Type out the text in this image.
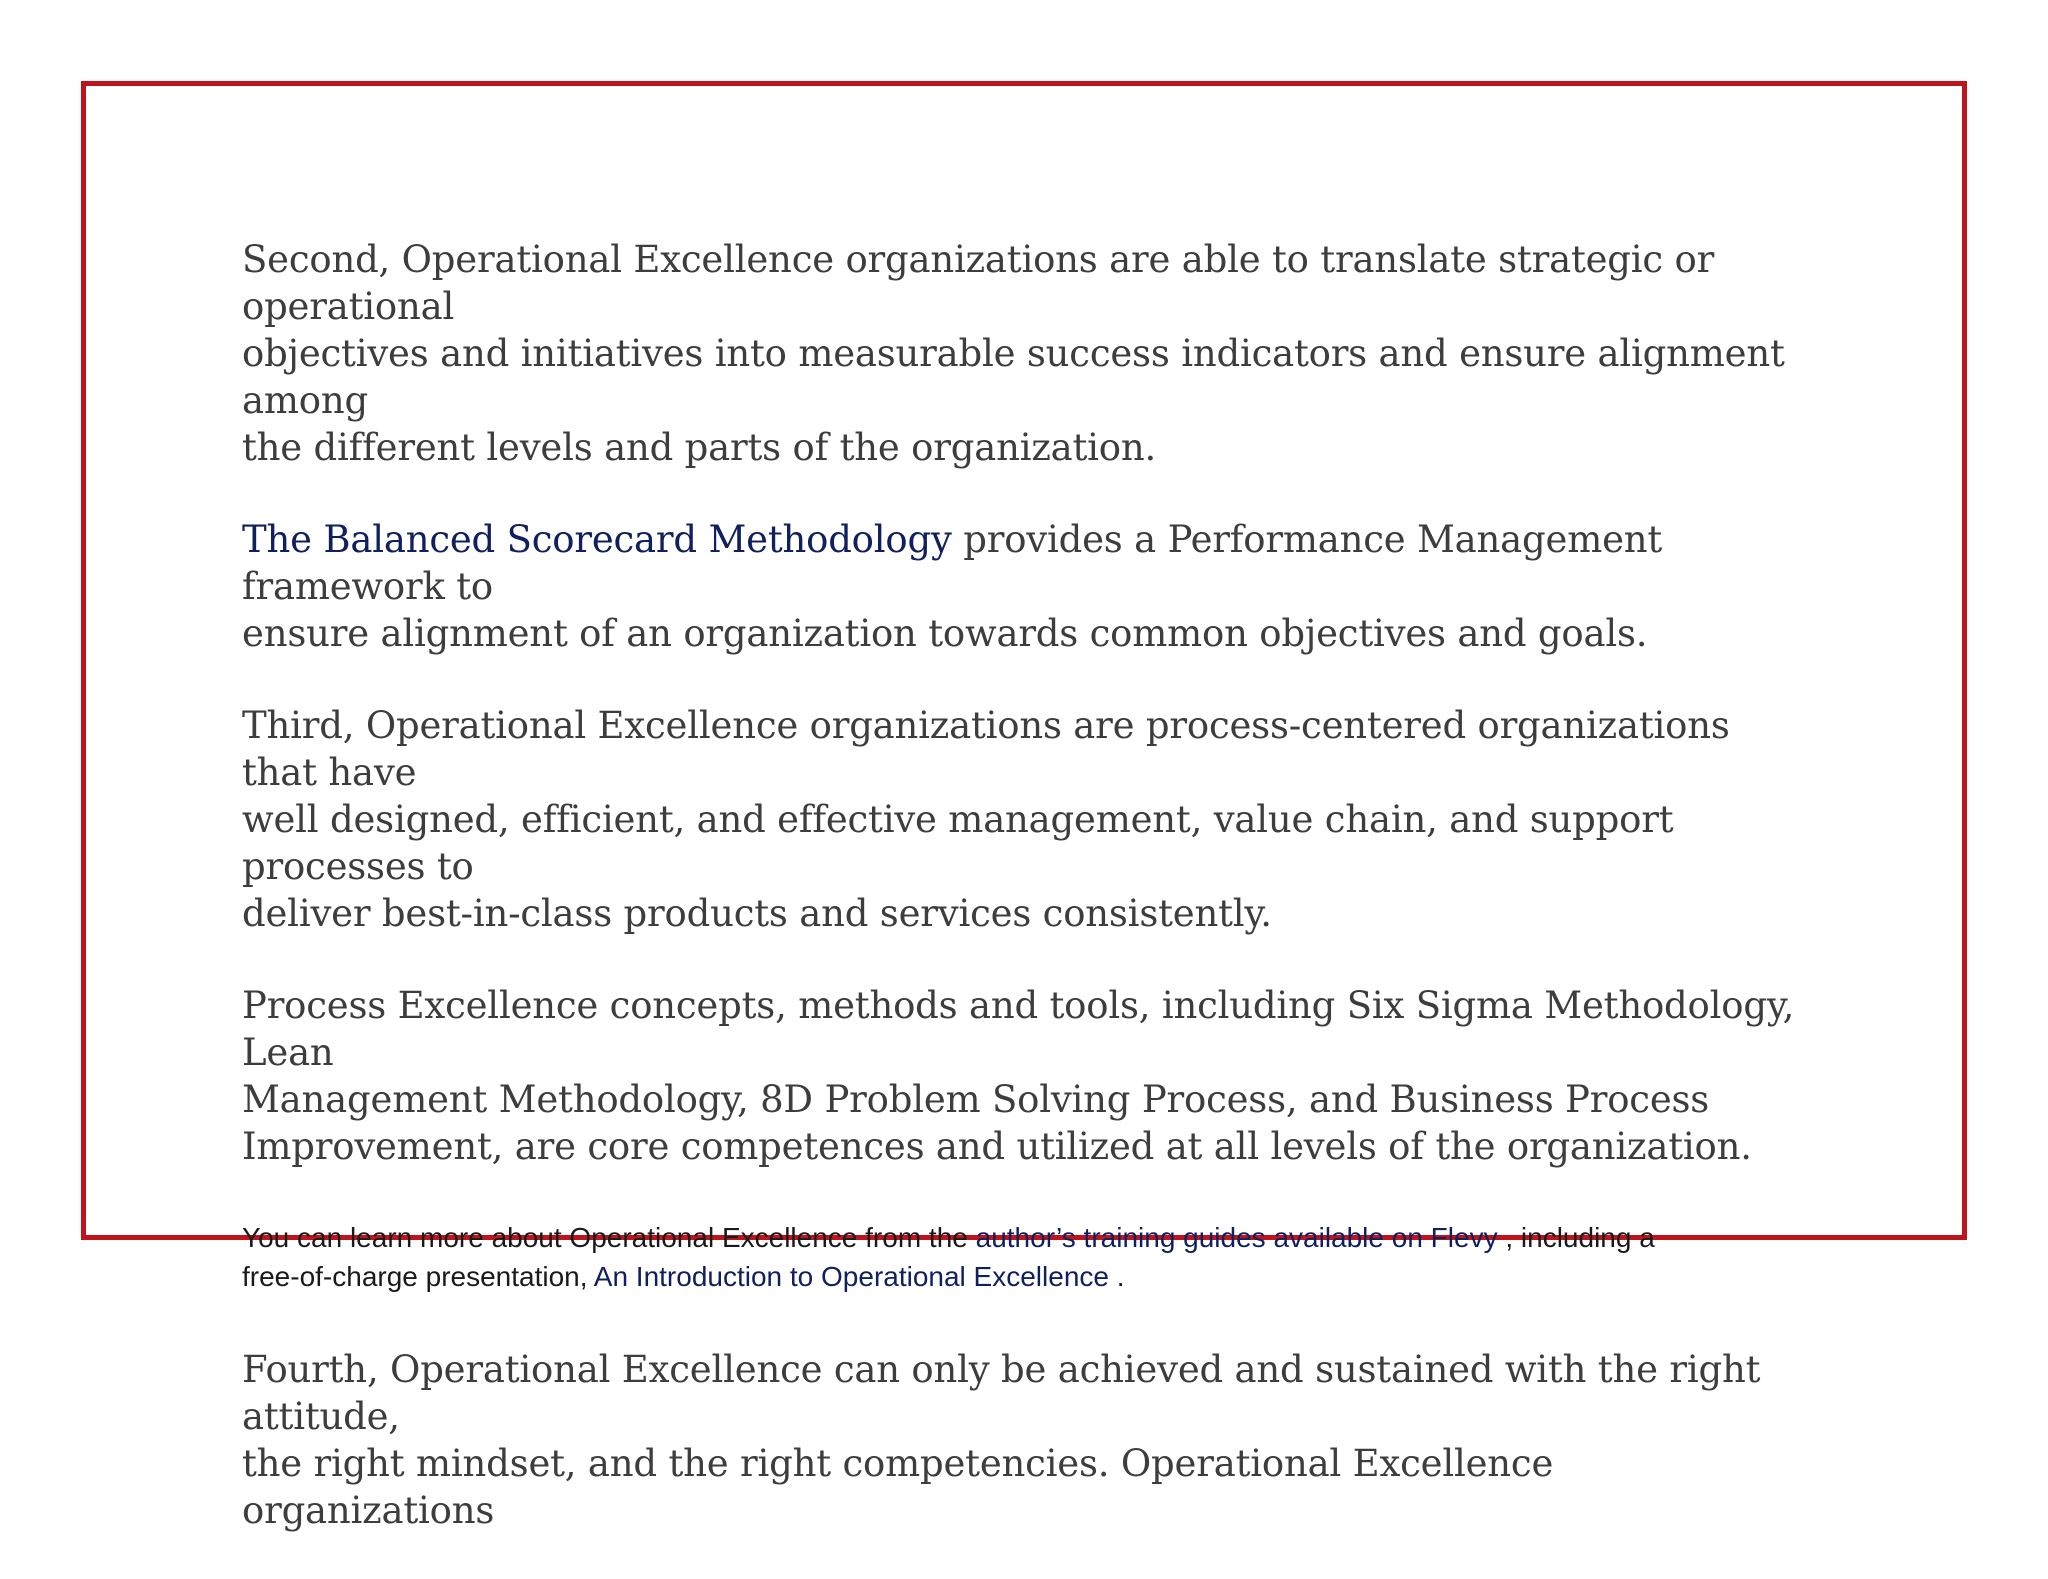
Second, Operational Excellence organizations are able to translate strategic or operational
objectives and initiatives into measurable success indicators and ensure alignment among
the different levels and parts of the organization.

The Balanced Scorecard Methodology provides a Performance Management framework to
ensure alignment of an organization towards common objectives and goals.

Third, Operational Excellence organizations are process-centered organizations that have
well designed, efficient, and effective management, value chain, and support processes to
deliver best-in-class products and services consistently.

Process Excellence concepts, methods and tools, including Six Sigma Methodology, Lean
Management Methodology, 8D Problem Solving Process, and Business Process
Improvement, are core competences and utilized at all levels of the organization.

You can learn more about Operational Excellence from the author’s training guides available on Flevy , including a
free-of-charge presentation, An Introduction to Operational Excellence .

Fourth, Operational Excellence can only be achieved and sustained with the right attitude,
the right mindset, and the right competencies. Operational Excellence organizations
